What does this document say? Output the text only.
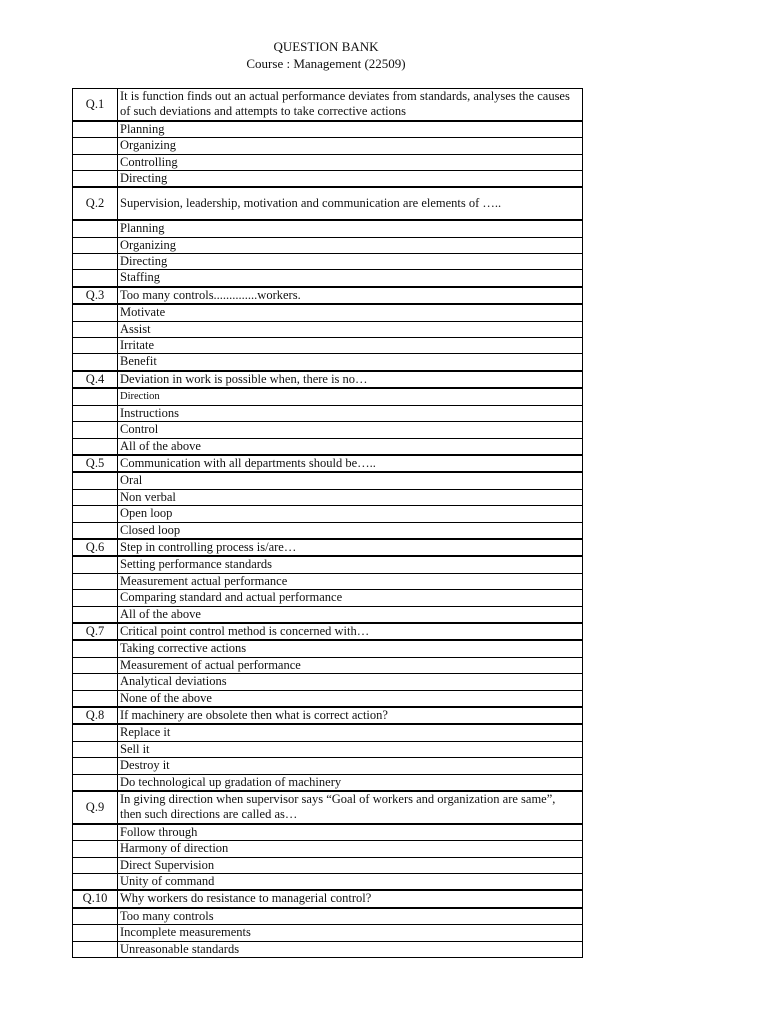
QUESTION BANK
Course : Management (22509)
Q.1	It is function finds out an actual performance deviates from standards, analyses the causes of such deviations and attempts to take corrective actions
	Planning
	Organizing
	Controlling
	Directing
Q.2	Supervision, leadership, motivation and communication are elements of …..
	Planning
	Organizing
	Directing
	Staffing
Q.3	Too many controls..............workers.
	Motivate
	Assist
	Irritate
	Benefit
Q.4	Deviation in work is possible when, there is no…
	Direction
	Instructions
	Control
	All of the above
Q.5	Communication with all departments should be…..
	Oral
	Non verbal
	Open loop
	Closed loop
Q.6	Step in controlling process is/are…
	Setting performance standards
	Measurement actual performance
	Comparing standard and actual performance
	All of the above
Q.7	Critical point control method is concerned with…
	Taking corrective actions
	Measurement of actual performance
	Analytical deviations
	None of the above
Q.8	If machinery are obsolete then what is correct action?
	Replace it
	Sell it
	Destroy it
	Do technological up gradation of machinery
Q.9	In giving direction when supervisor says “Goal of workers and organization are same”, then such directions are called as…
	Follow through
	Harmony of direction
	Direct Supervision
	Unity of command
Q.10	Why workers do resistance to managerial control?
	Too many controls
	Incomplete measurements
	Unreasonable standards
